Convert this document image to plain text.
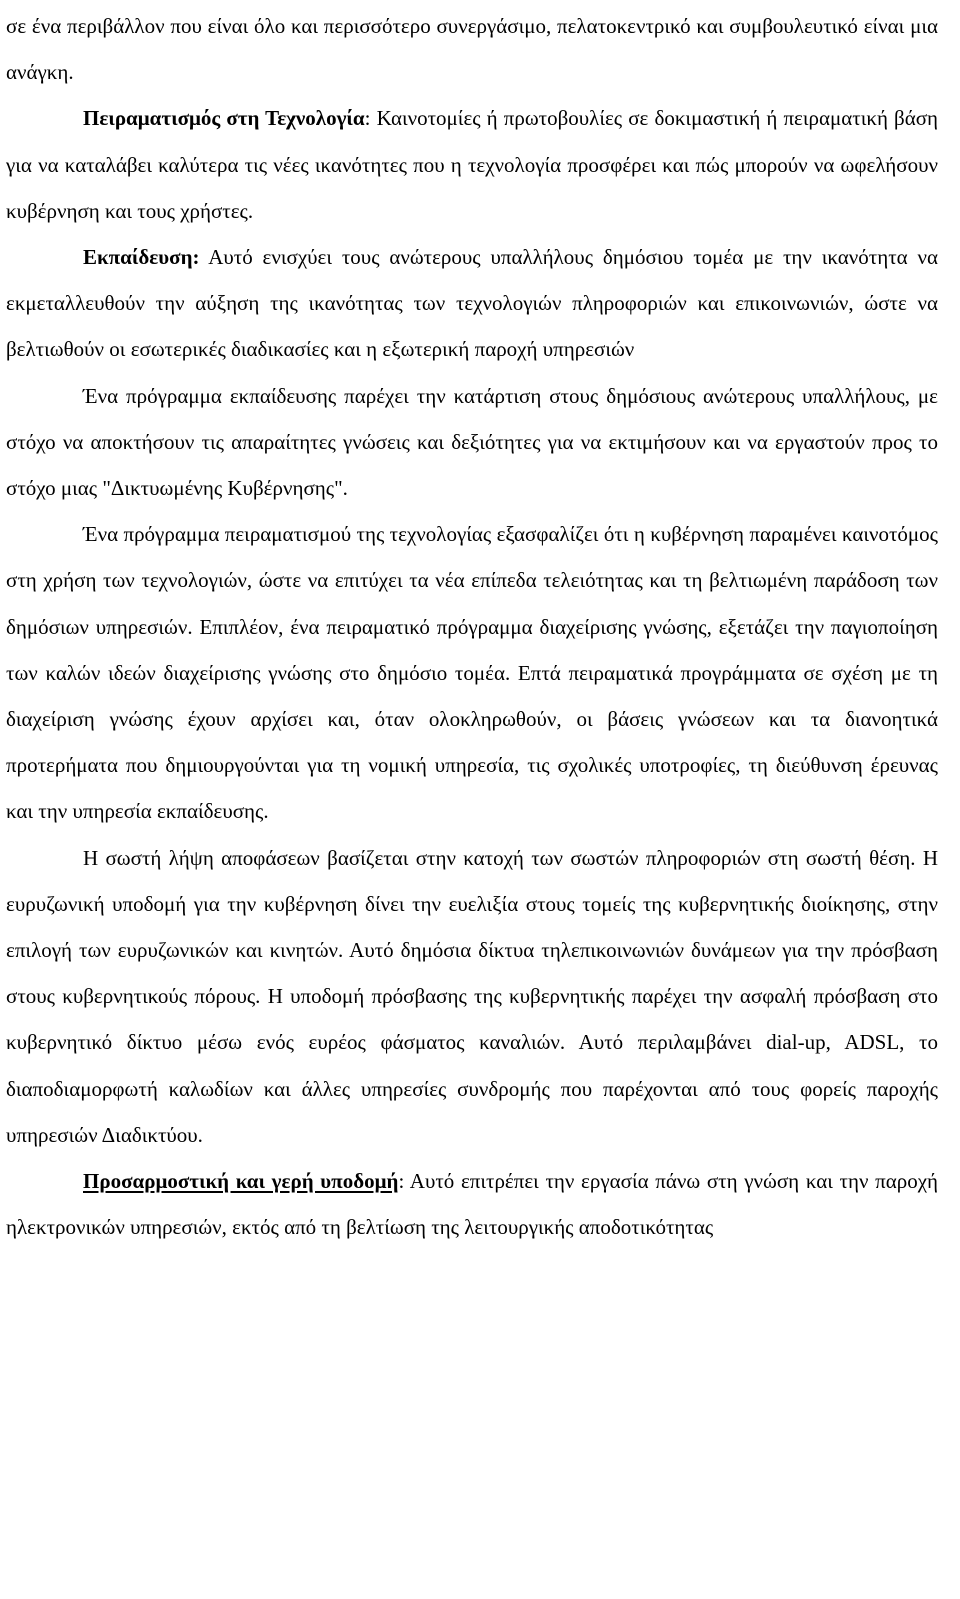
σε ένα περιβάλλον που είναι όλο και περισσότερο συνεργάσιμο, πελατοκεντρικό και συμβουλευτικό είναι μια ανάγκη.

Πειραματισμός στη Τεχνολογία: Καινοτομίες ή πρωτοβουλίες σε δοκιμαστική ή πειραματική βάση για να καταλάβει καλύτερα τις νέες ικανότητες που η τεχνολογία προσφέρει και πώς μπορούν να ωφελήσουν κυβέρνηση και τους χρήστες.

Εκπαίδευση: Αυτό ενισχύει τους ανώτερους υπαλλήλους δημόσιου τομέα με την ικανότητα να εκμεταλλευθούν την αύξηση της ικανότητας των τεχνολογιών πληροφοριών και επικοινωνιών, ώστε να βελτιωθούν οι εσωτερικές διαδικασίες και η εξωτερική παροχή υπηρεσιών

Ένα πρόγραμμα εκπαίδευσης παρέχει την κατάρτιση στους δημόσιους ανώτερους υπαλλήλους, με στόχο να αποκτήσουν τις απαραίτητες γνώσεις και δεξιότητες για να εκτιμήσουν και να εργαστούν προς το στόχο μιας "Δικτυωμένης Κυβέρνησης".

Ένα πρόγραμμα πειραματισμού της τεχνολογίας εξασφαλίζει ότι η κυβέρνηση παραμένει καινοτόμος στη χρήση των τεχνολογιών, ώστε να επιτύχει τα νέα επίπεδα τελειότητας και τη βελτιωμένη παράδοση των δημόσιων υπηρεσιών. Επιπλέον, ένα πειραματικό πρόγραμμα διαχείρισης γνώσης, εξετάζει την παγιοποίηση των καλών ιδεών διαχείρισης γνώσης στο δημόσιο τομέα. Επτά πειραματικά προγράμματα σε σχέση με τη διαχείριση γνώσης έχουν αρχίσει και, όταν ολοκληρωθούν, οι βάσεις γνώσεων και τα διανοητικά προτερήματα που δημιουργούνται για τη νομική υπηρεσία, τις σχολικές υποτροφίες, τη διεύθυνση έρευνας και την υπηρεσία εκπαίδευσης.

Η σωστή λήψη αποφάσεων βασίζεται στην κατοχή των σωστών πληροφοριών στη σωστή θέση. Η ευρυζωνική υποδομή για την κυβέρνηση δίνει την ευελιξία στους τομείς της κυβερνητικής διοίκησης, στην επιλογή των ευρυζωνικών και κινητών. Αυτό δημόσια δίκτυα τηλεπικοινωνιών δυνάμεων για την πρόσβαση στους κυβερνητικούς πόρους. Η υποδομή πρόσβασης της κυβερνητικής παρέχει την ασφαλή πρόσβαση στο κυβερνητικό δίκτυο μέσω ενός ευρέος φάσματος καναλιών. Αυτό περιλαμβάνει dial-up, ADSL, το διαποδιαμορφωτή καλωδίων και άλλες υπηρεσίες συνδρομής που παρέχονται από τους φορείς παροχής υπηρεσιών Διαδικτύου.

Προσαρμοστική και γερή υποδομή: Αυτό επιτρέπει την εργασία πάνω στη γνώση και την παροχή ηλεκτρονικών υπηρεσιών, εκτός από τη βελτίωση της λειτουργικής αποδοτικότητας
